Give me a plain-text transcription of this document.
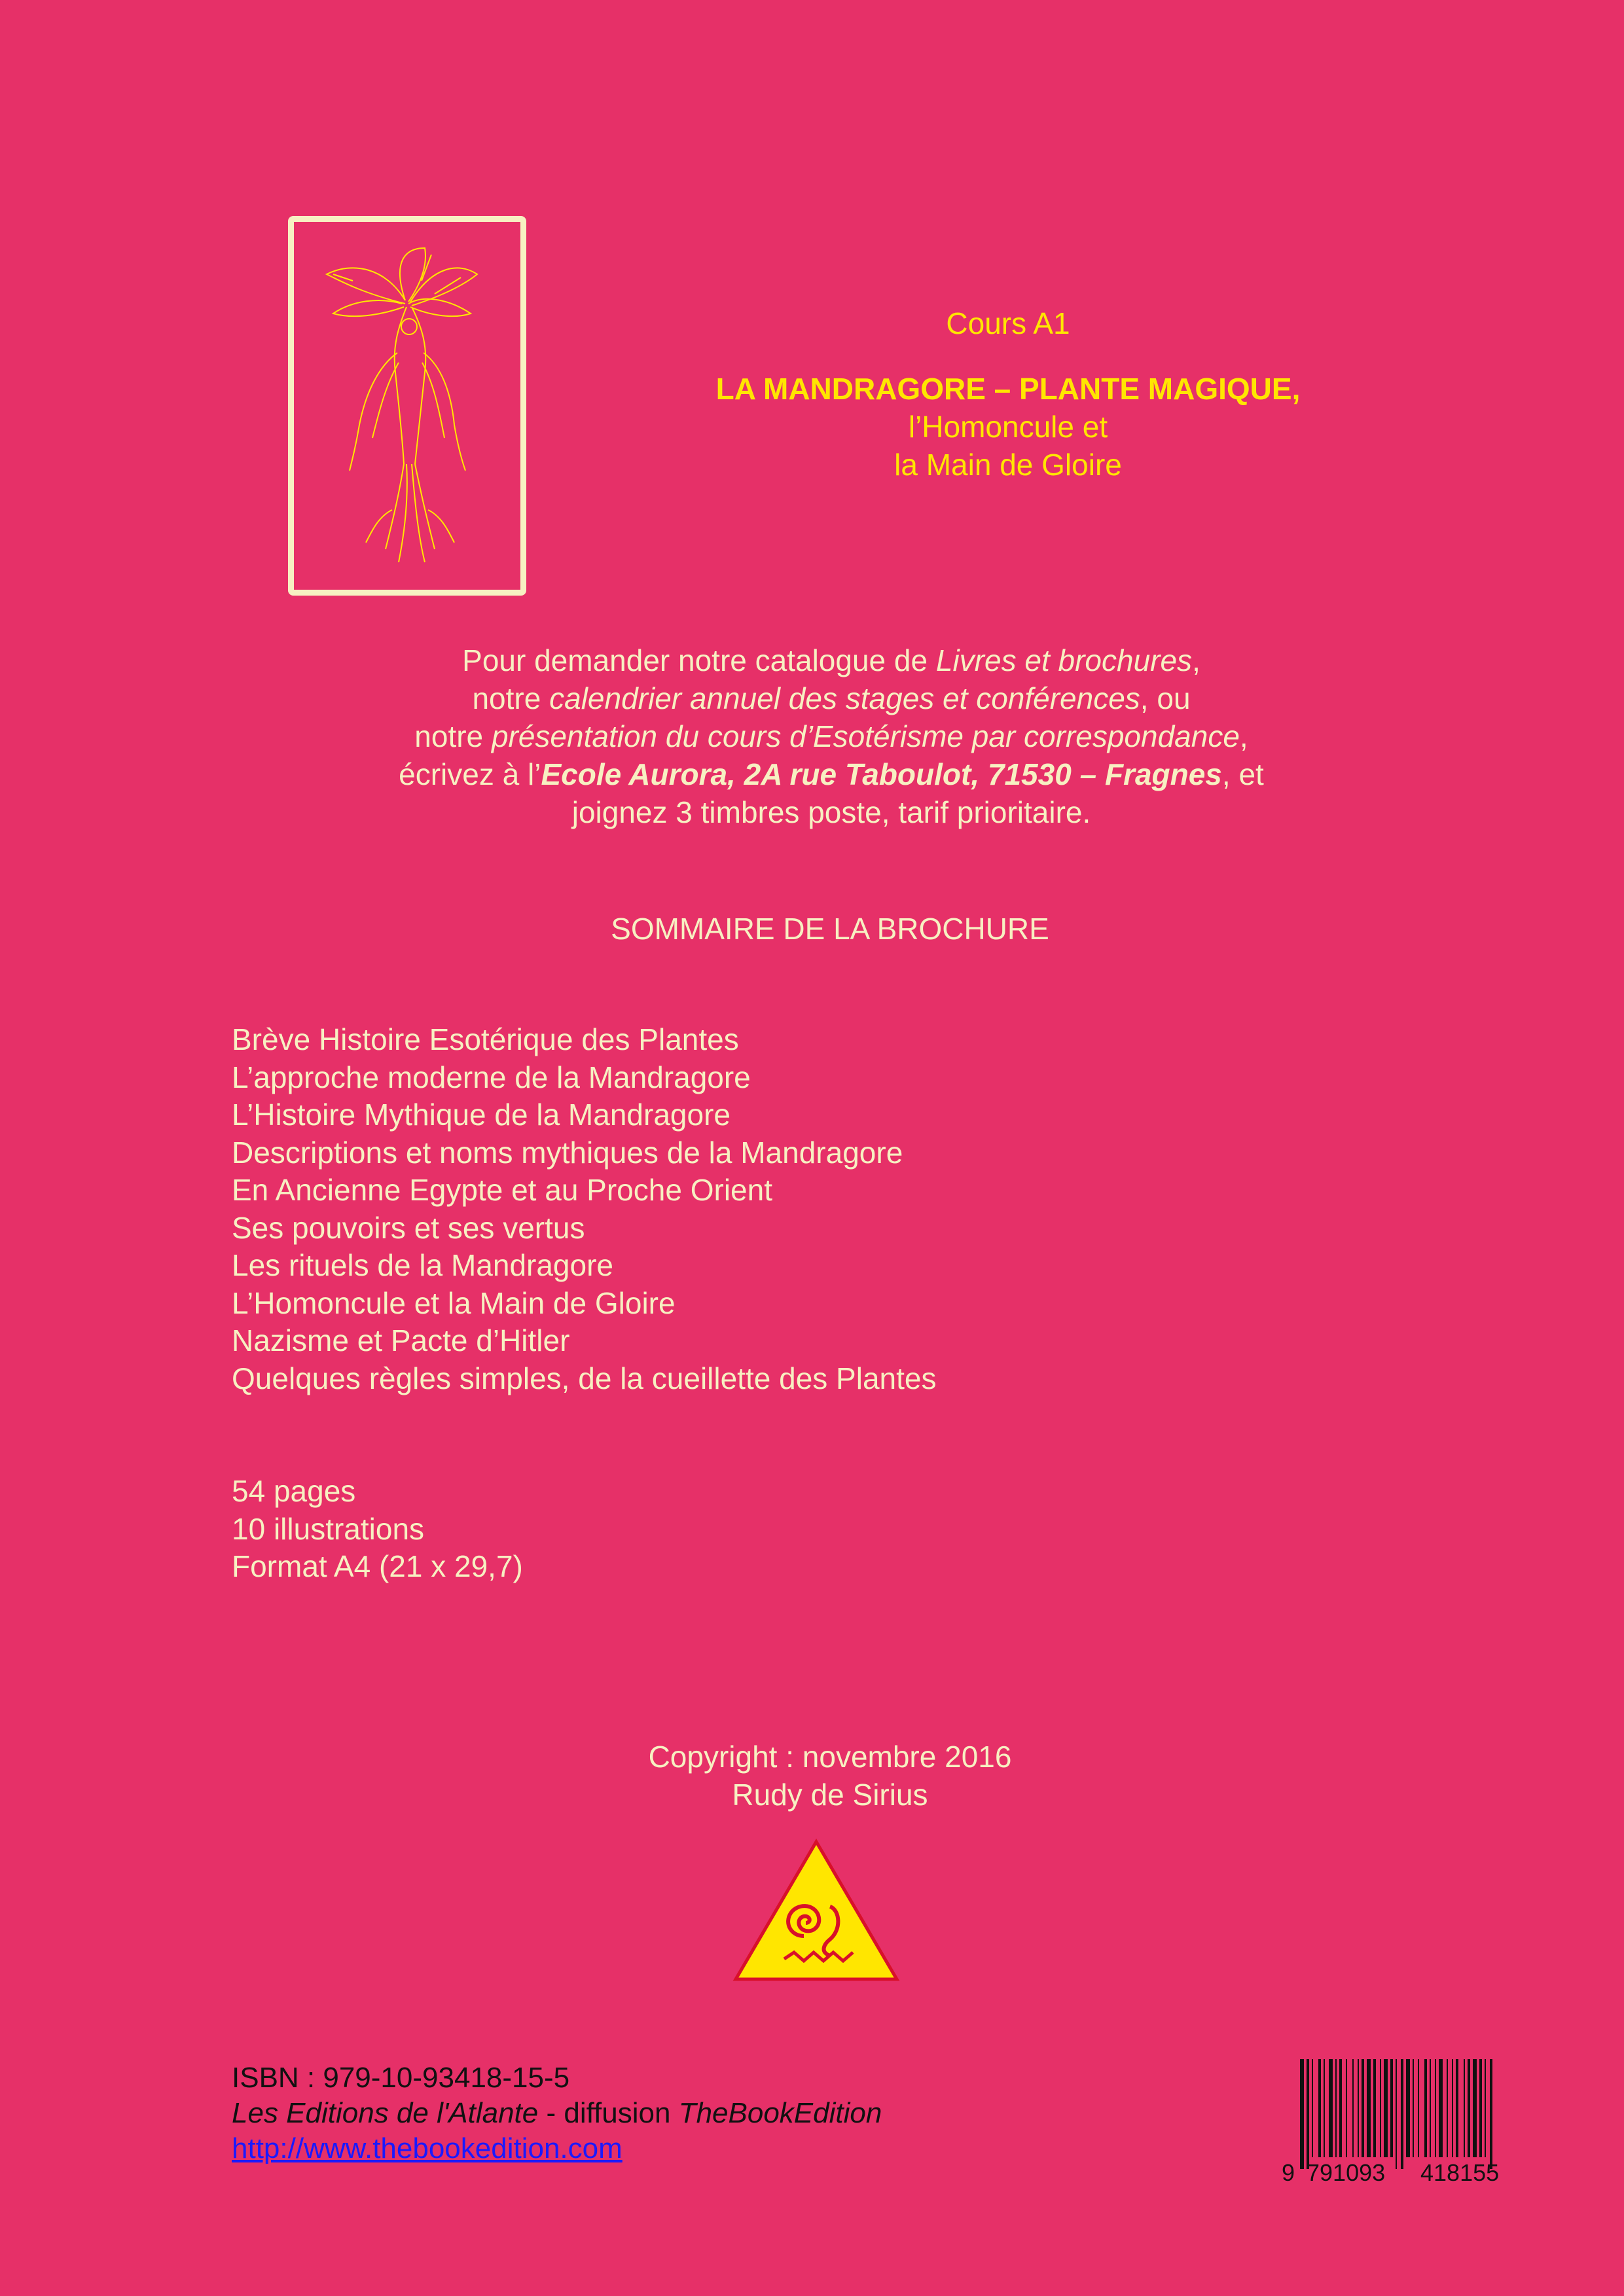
Cours A1
LA MANDRAGORE – PLANTE MAGIQUE,
l’Homoncule et
la Main de Gloire
Pour demander notre catalogue de Livres et brochures,
notre calendrier annuel des stages et conférences, ou
notre présentation du cours d’Esotérisme par correspondance,
écrivez à l’Ecole Aurora, 2A rue Taboulot, 71530 – Fragnes, et
joignez 3 timbres poste, tarif prioritaire.
SOMMAIRE DE LA BROCHURE
Brève Histoire Esotérique des Plantes
L’approche moderne de la Mandragore
L’Histoire Mythique de la Mandragore
Descriptions et noms mythiques de la Mandragore
En Ancienne Egypte et au Proche Orient
Ses pouvoirs et ses vertus
Les rituels de la Mandragore
L’Homoncule et la Main de Gloire
Nazisme et Pacte d’Hitler
Quelques règles simples, de la cueillette des Plantes
54 pages
10 illustrations
Format A4 (21 x 29,7)
Copyright : novembre 2016
Rudy de Sirius
ISBN : 979-10-93418-15-5
Les Editions de l'Atlante - diffusion TheBookEdition
http://www.thebookedition.com
9 791093 418155
